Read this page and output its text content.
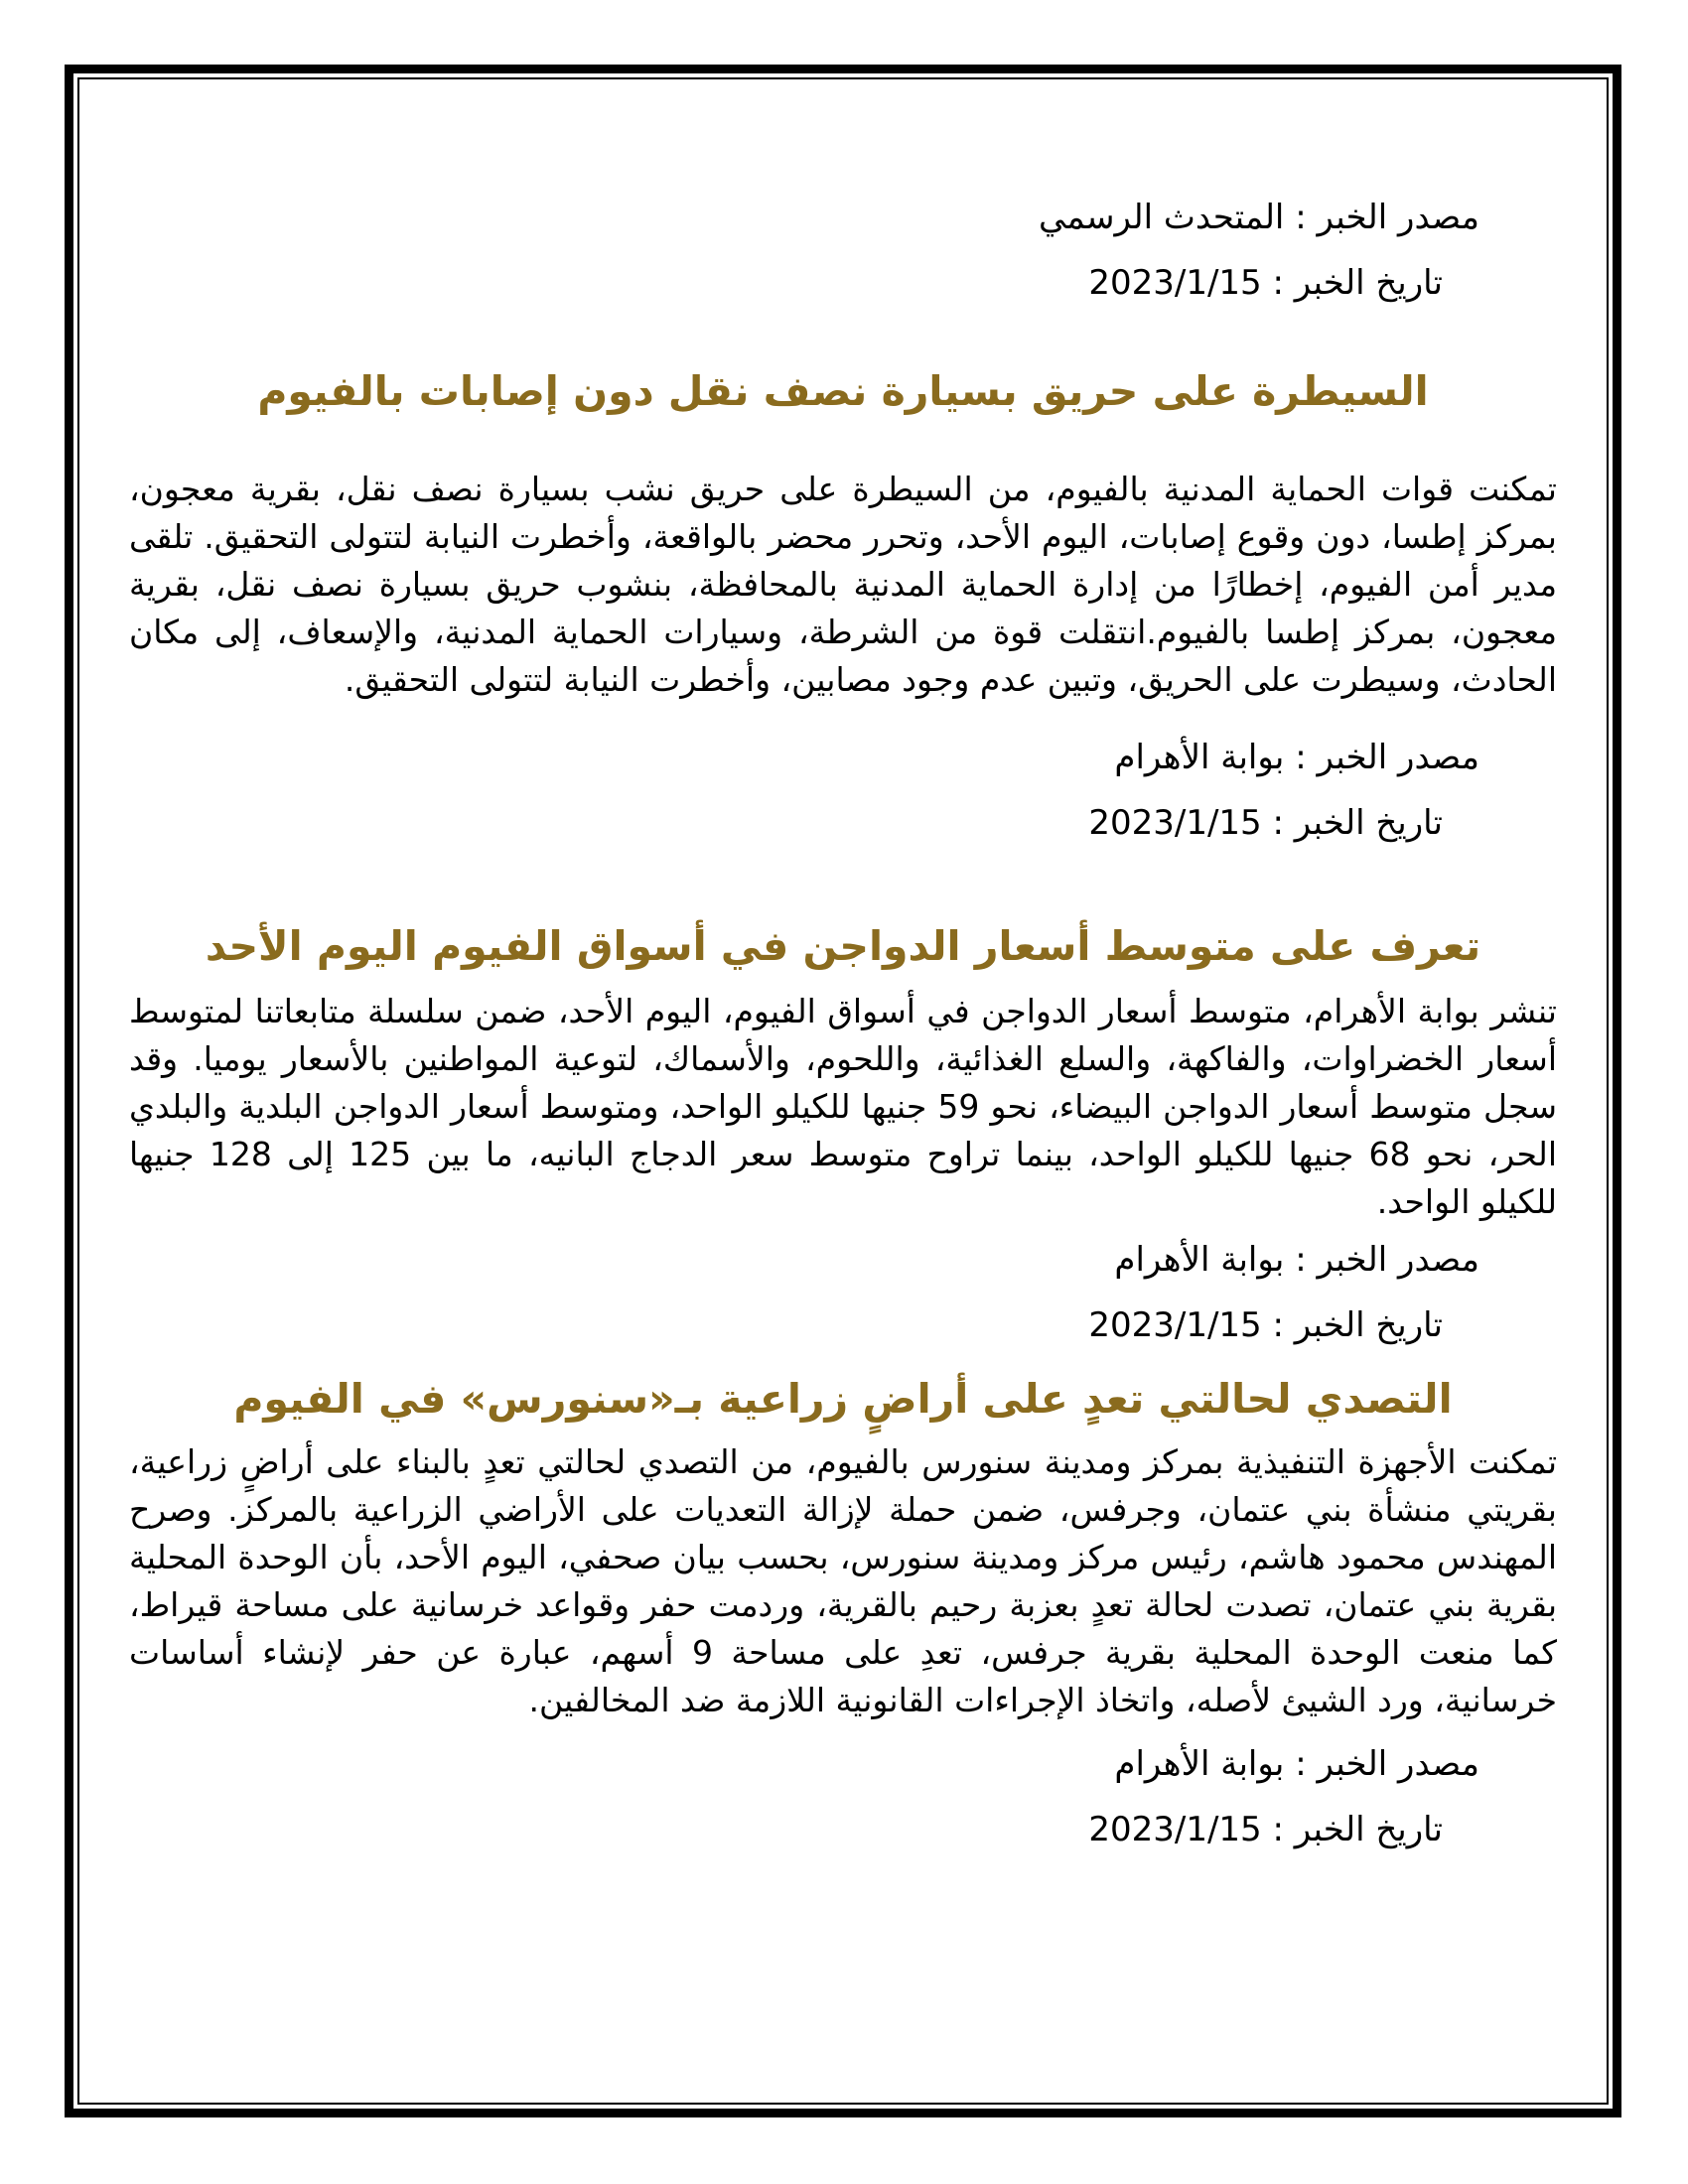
مصدر الخبر : المتحدث الرسمي

تاريخ الخبر : 2023/1/15

السيطرة على حريق بسيارة نصف نقل دون إصابات بالفيوم

تمكنت قوات الحماية المدنية بالفيوم، من السيطرة على حريق نشب بسيارة نصف نقل، بقرية معجون، بمركز إطسا، دون وقوع إصابات، اليوم الأحد، وتحرر محضر بالواقعة، وأخطرت النيابة لتتولى التحقيق. تلقى مدير أمن الفيوم، إخطارًا من إدارة الحماية المدنية بالمحافظة، بنشوب حريق بسيارة نصف نقل، بقرية معجون، بمركز إطسا بالفيوم.انتقلت قوة من الشرطة، وسيارات الحماية المدنية، والإسعاف، إلى مكان الحادث، وسيطرت على الحريق، وتبين عدم وجود مصابين، وأخطرت النيابة لتتولى التحقيق.

مصدر الخبر : بوابة الأهرام

تاريخ الخبر : 2023/1/15

تعرف على متوسط أسعار الدواجن في أسواق الفيوم اليوم الأحد

تنشر بوابة الأهرام، متوسط أسعار الدواجن في أسواق الفيوم، اليوم الأحد، ضمن سلسلة متابعاتنا لمتوسط أسعار الخضراوات، والفاكهة، والسلع الغذائية، واللحوم، والأسماك، لتوعية المواطنين بالأسعار يوميا. وقد سجل متوسط أسعار الدواجن البيضاء، نحو 59 جنيها للكيلو الواحد، ومتوسط أسعار الدواجن البلدية والبلدي الحر، نحو 68 جنيها للكيلو الواحد، بينما تراوح متوسط سعر الدجاج البانيه، ما بين 125 إلى 128 جنيها للكيلو الواحد.

مصدر الخبر : بوابة الأهرام

تاريخ الخبر : 2023/1/15

التصدي لحالتي تعدٍ على أراضٍ زراعية بـ«سنورس» في الفيوم

تمكنت الأجهزة التنفيذية بمركز ومدينة سنورس بالفيوم، من التصدي لحالتي تعدٍ بالبناء على أراضٍ زراعية، بقريتي منشأة بني عتمان، وجرفس، ضمن حملة لإزالة التعديات على الأراضي الزراعية بالمركز. وصرح المهندس محمود هاشم، رئيس مركز ومدينة سنورس، بحسب بيان صحفي، اليوم الأحد، بأن الوحدة المحلية بقرية بني عتمان، تصدت لحالة تعدٍ بعزبة رحيم بالقرية، وردمت حفر وقواعد خرسانية على مساحة قيراط، كما منعت الوحدة المحلية بقرية جرفس، تعدِ على مساحة 9 أسهم، عبارة عن حفر لإنشاء أساسات خرسانية، ورد الشيئ لأصله، واتخاذ الإجراءات القانونية اللازمة ضد المخالفين.

مصدر الخبر : بوابة الأهرام

تاريخ الخبر : 2023/1/15
